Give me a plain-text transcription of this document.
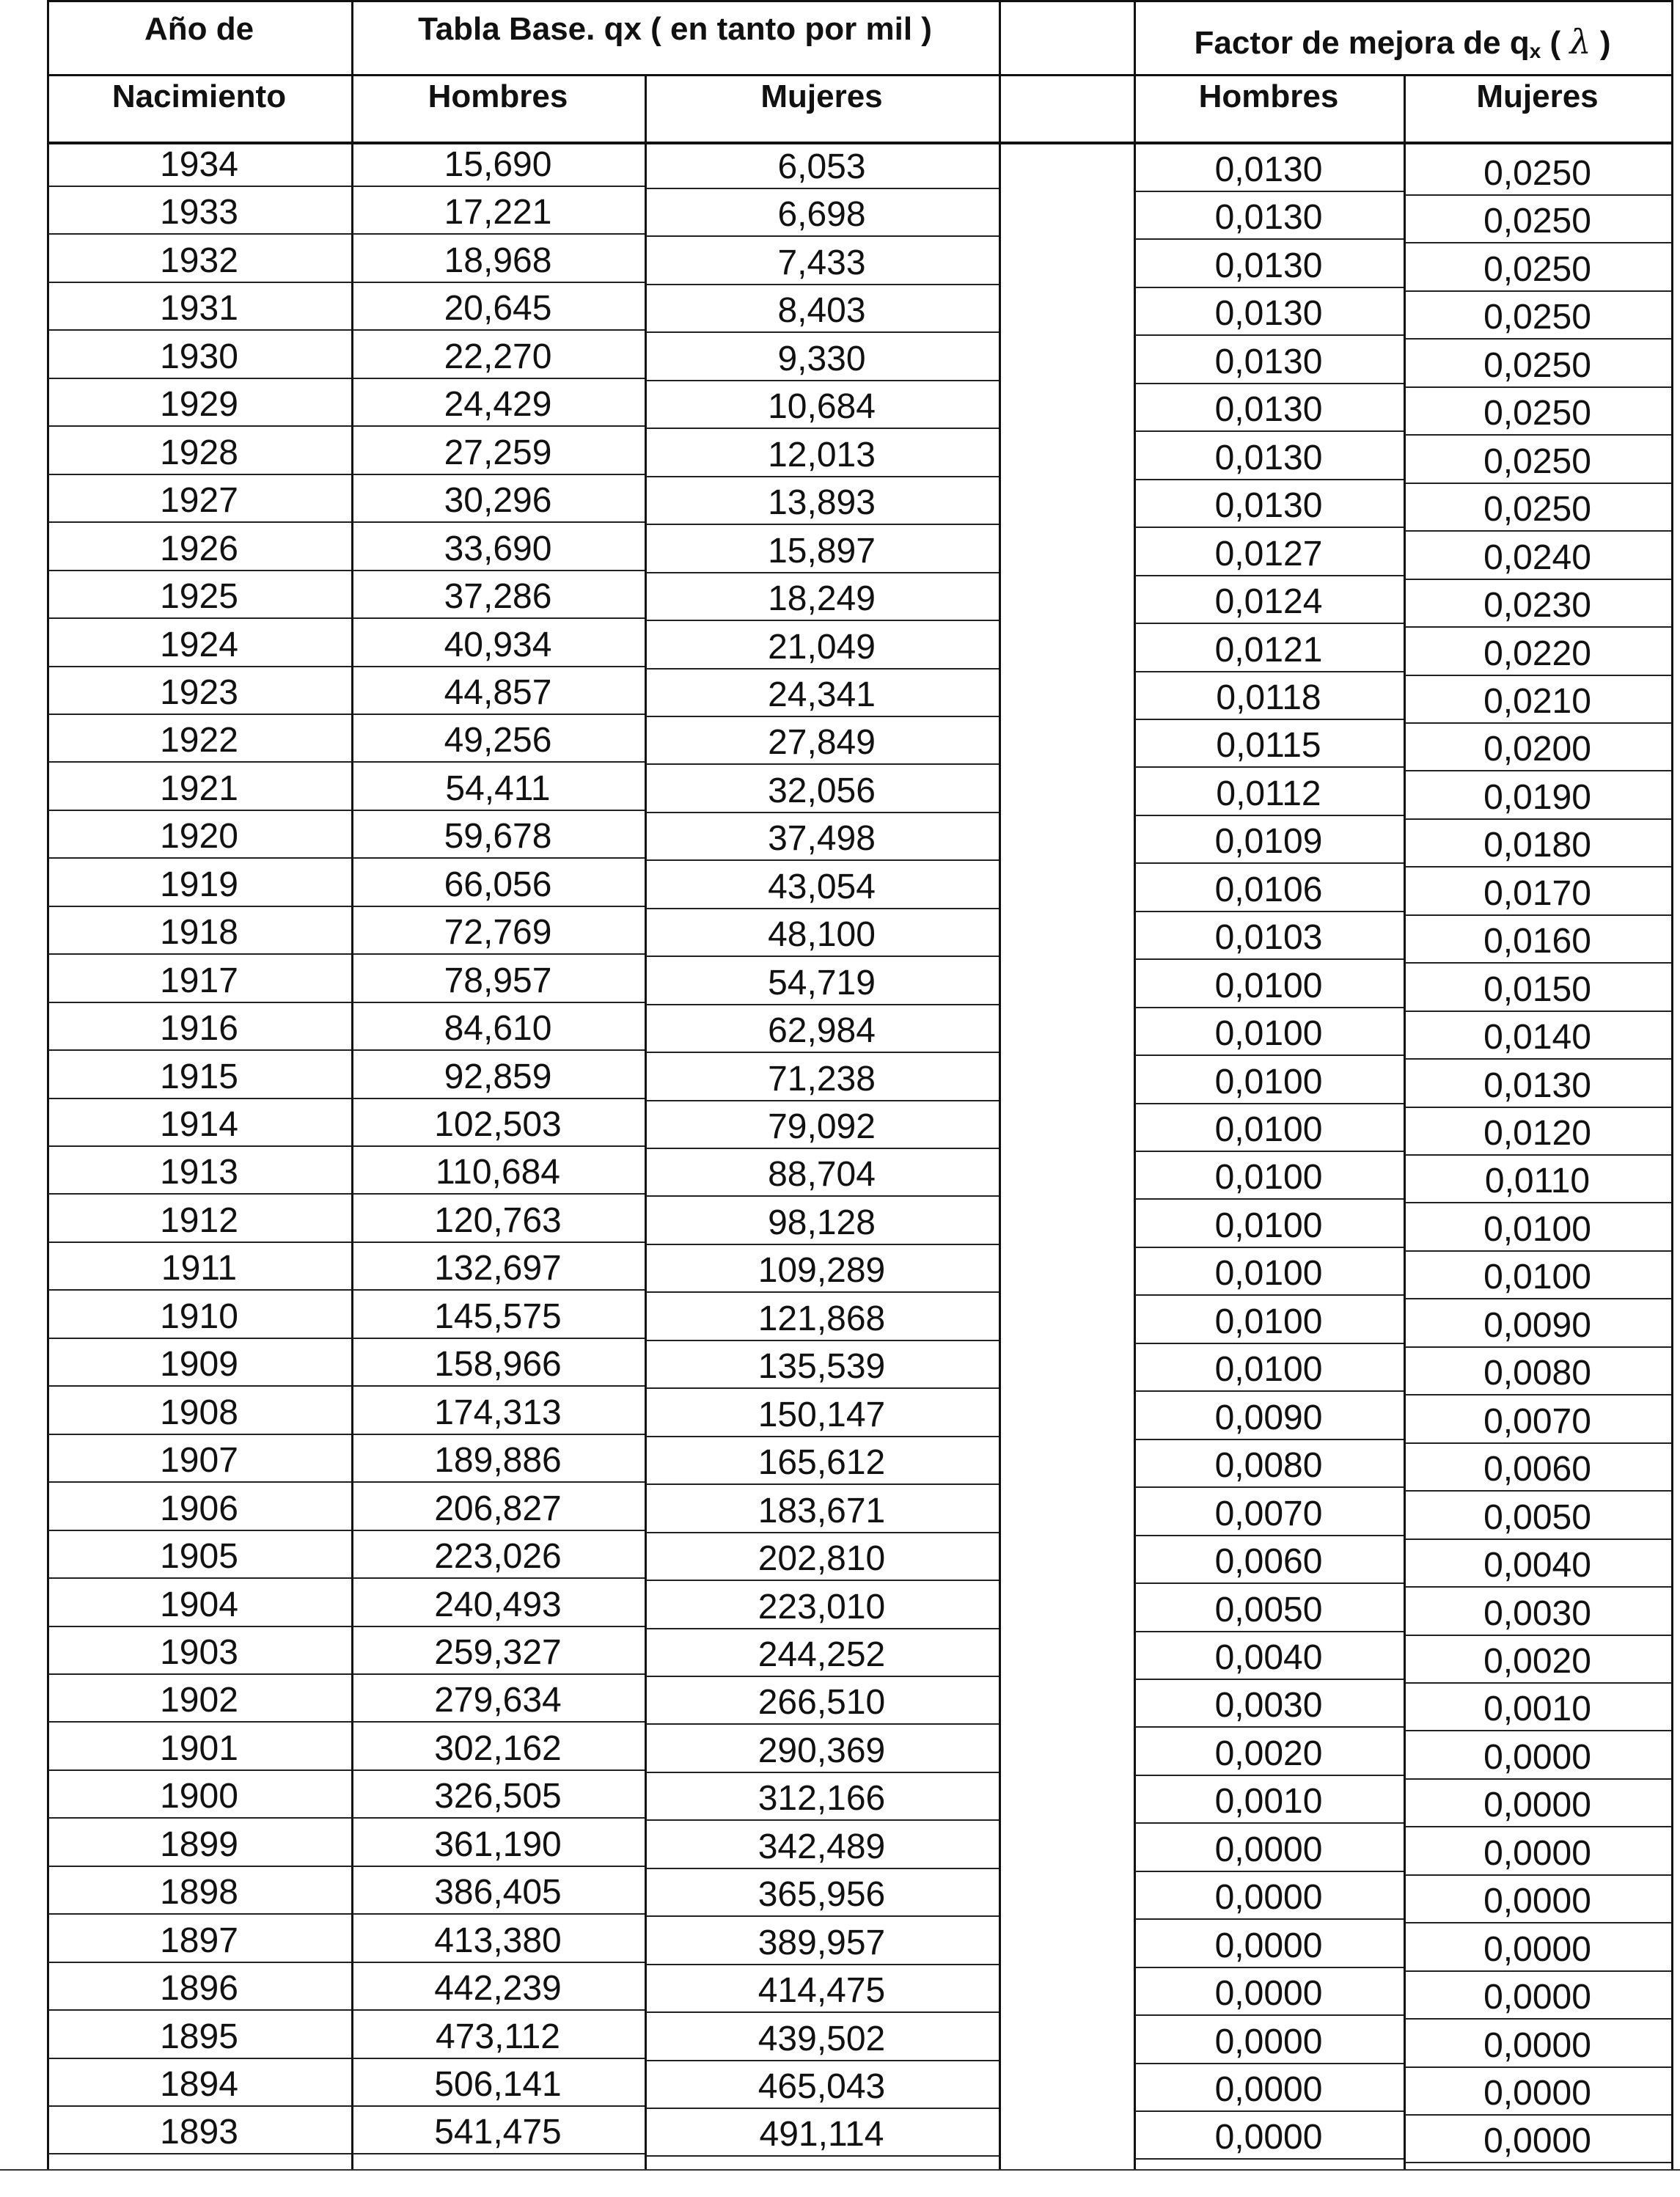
Año de
Nacimiento
Tabla Base. qx ( en tanto por mil )	Factor de mejora de $q_x$ ( λ )
Hombres	Mujeres	Hombres	Mujeres
1934	15,690	6,053	0,0130	0,0250
1933	17,221	6,698	0,0130	0,0250
1932	18,968	7,433	0,0130	0,0250
1931	20,645	8,403	0,0130	0,0250
1930	22,270	9,330	0,0130	0,0250
1929	24,429	10,684	0,0130	0,0250
1928	27,259	12,013	0,0130	0,0250
1927	30,296	13,893	0,0130	0,0250
1926	33,690	15,897	0,0127	0,0240
1925	37,286	18,249	0,0124	0,0230
1924	40,934	21,049	0,0121	0,0220
1923	44,857	24,341	0,0118	0,0210
1922	49,256	27,849	0,0115	0,0200
1921	54,411	32,056	0,0112	0,0190
1920	59,678	37,498	0,0109	0,0180
1919	66,056	43,054	0,0106	0,0170
1918	72,769	48,100	0,0103	0,0160
1917	78,957	54,719	0,0100	0,0150
1916	84,610	62,984	0,0100	0,0140
1915	92,859	71,238	0,0100	0,0130
1914	102,503	79,092	0,0100	0,0120
1913	110,684	88,704	0,0100	0,0110
1912	120,763	98,128	0,0100	0,0100
1911	132,697	109,289	0,0100	0,0100
1910	145,575	121,868	0,0100	0,0090
1909	158,966	135,539	0,0100	0,0080
1908	174,313	150,147	0,0090	0,0070
1907	189,886	165,612	0,0080	0,0060
1906	206,827	183,671	0,0070	0,0050
1905	223,026	202,810	0,0060	0,0040
1904	240,493	223,010	0,0050	0,0030
1903	259,327	244,252	0,0040	0,0020
1902	279,634	266,510	0,0030	0,0010
1901	302,162	290,369	0,0020	0,0000
1900	326,505	312,166	0,0010	0,0000
1899	361,190	342,489	0,0000	0,0000
1898	386,405	365,956	0,0000	0,0000
1897	413,380	389,957	0,0000	0,0000
1896	442,239	414,475	0,0000	0,0000
1895	473,112	439,502	0,0000	0,0000
1894	506,141	465,043	0,0000	0,0000
1893	541,475	491,114	0,0000	0,0000
